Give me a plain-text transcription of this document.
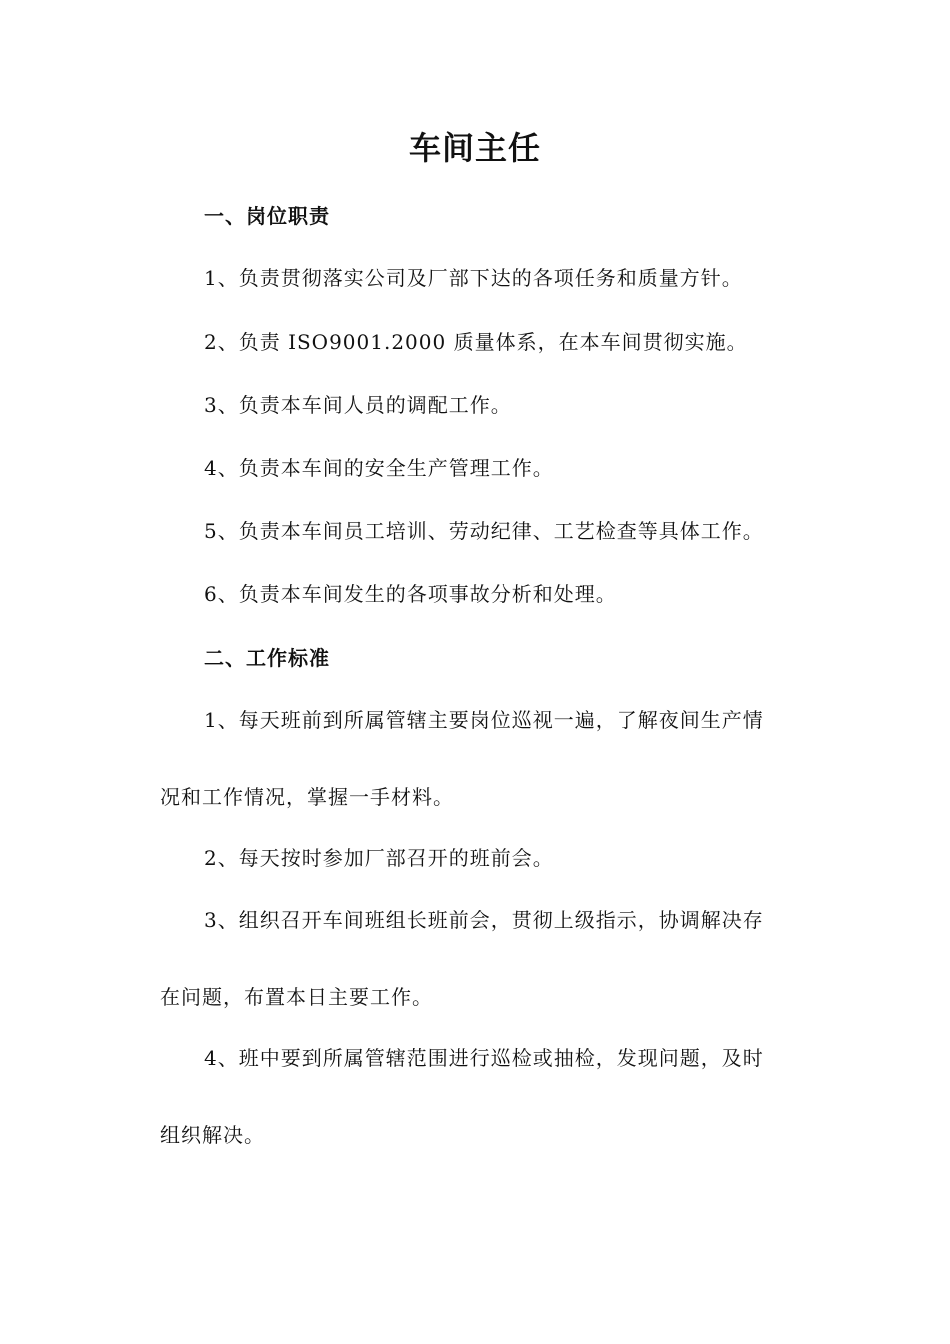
车间主任
一、岗位职责
1、负责贯彻落实公司及厂部下达的各项任务和质量方针。
2、负责 ISO9001.2000 质量体系，在本车间贯彻实施。
3、负责本车间人员的调配工作。
4、负责本车间的安全生产管理工作。
5、负责本车间员工培训、劳动纪律、工艺检查等具体工作。
6、负责本车间发生的各项事故分析和处理。
二、工作标准
1、每天班前到所属管辖主要岗位巡视一遍，了解夜间生产情
况和工作情况，掌握一手材料。
2、每天按时参加厂部召开的班前会。
3、组织召开车间班组长班前会，贯彻上级指示，协调解决存
在问题，布置本日主要工作。
4、班中要到所属管辖范围进行巡检或抽检，发现问题，及时
组织解决。
